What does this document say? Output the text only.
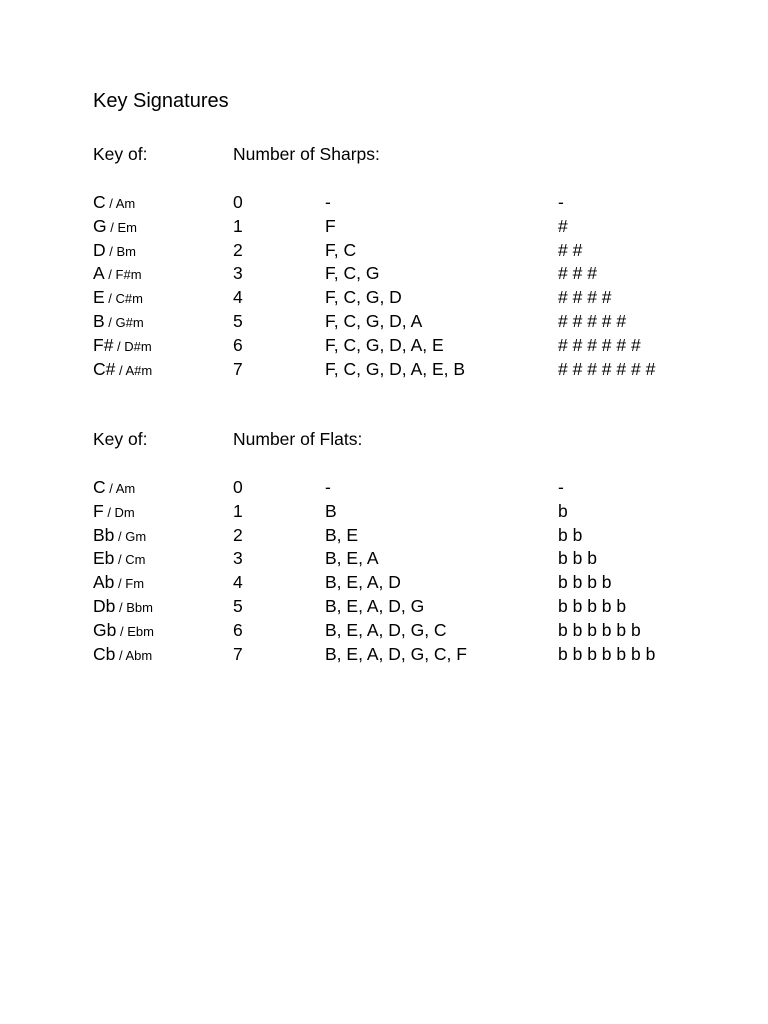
Key Signatures
Key of:	Number of Sharps:
C / Am	0	-	-
G / Em	1	F	#
D / Bm	2	F, C	# #
A / F#m	3	F, C, G	# # #
E / C#m	4	F, C, G, D	# # # #
B / G#m	5	F, C, G, D, A	# # # # #
F# / D#m	6	F, C, G, D, A, E	# # # # # #
C# / A#m	7	F, C, G, D, A, E, B	# # # # # # #
Key of:	Number of Flats:
C / Am	0	-	-
F / Dm	1	B	b
Bb / Gm	2	B, E	b b
Eb / Cm	3	B, E, A	b b b
Ab / Fm	4	B, E, A, D	b b b b
Db / Bbm	5	B, E, A, D, G	b b b b b
Gb / Ebm	6	B, E, A, D, G, C	b b b b b b
Cb / Abm	7	B, E, A, D, G, C, F	b b b b b b b
